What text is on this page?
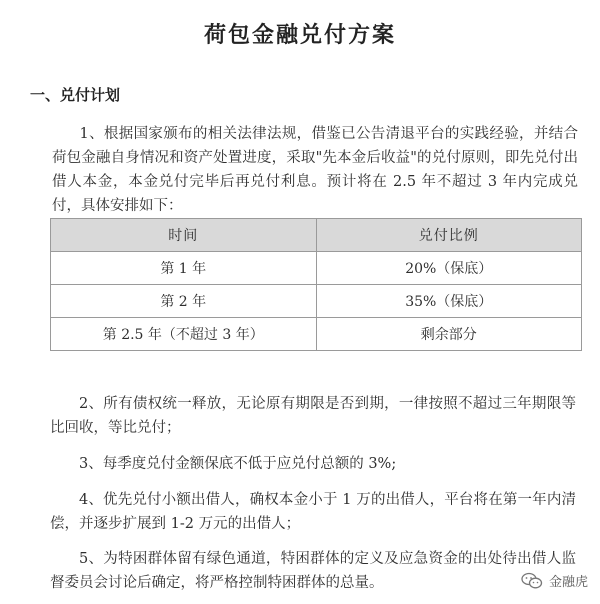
荷包金融兑付方案
一、兑付计划
1、根据国家颁布的相关法律法规，借鉴已公告清退平台的实践经验，并结合荷包金融自身情况和资产处置进度，采取"先本金后收益"的兑付原则，即先兑付出借人本金，本金兑付完毕后再兑付利息。预计将在 2.5 年不超过 3 年内完成兑付，具体安排如下：
时间	兑付比例
第 1 年	20%（保底）
第 2 年	35%（保底）
第 2.5 年（不超过 3 年）	剩余部分
2、所有债权统一释放，无论原有期限是否到期，一律按照不超过三年期限等比回收，等比兑付；
3、每季度兑付金额保底不低于应兑付总额的 3%;
4、优先兑付小额出借人，确权本金小于 1 万的出借人，平台将在第一年内清偿，并逐步扩展到 1-2 万元的出借人；
5、为特困群体留有绿色通道，特困群体的定义及应急资金的出处待出借人监督委员会讨论后确定，将严格控制特困群体的总量。	金融虎
